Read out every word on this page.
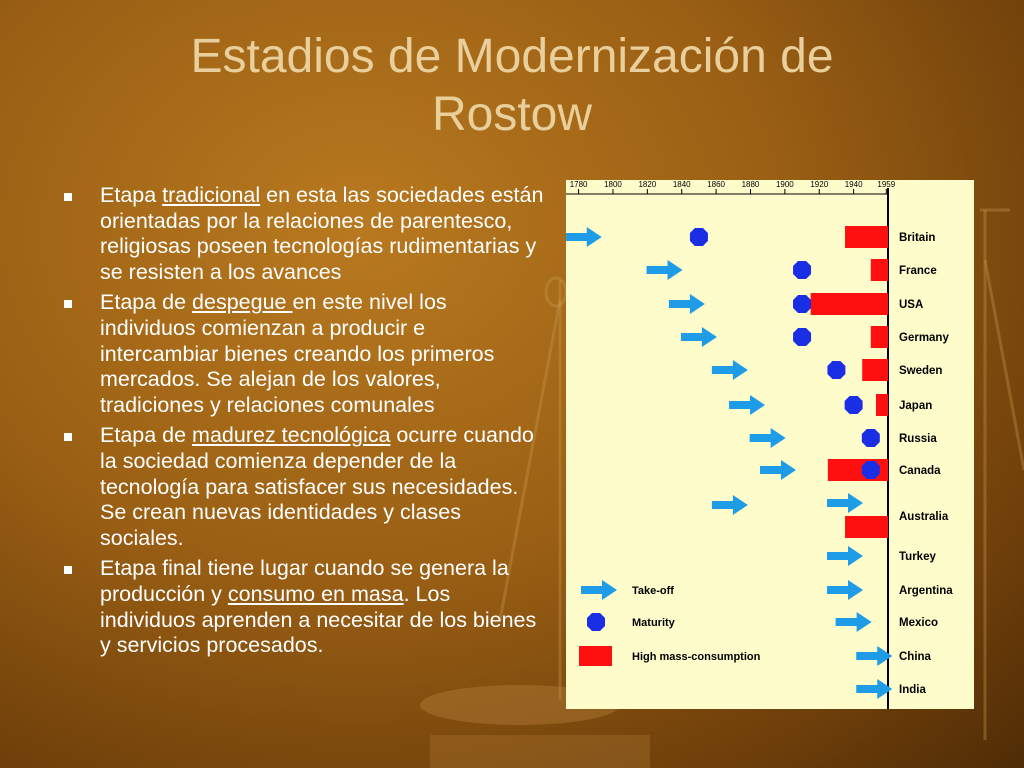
Estadios de Modernización de
Rostow
Etapa tradicional en esta las sociedades están orientadas por la relaciones de parentesco, religiosas poseen tecnologías rudimentarias y se resisten a los avances
Etapa de despegue en este nivel los individuos comienzan a producir e intercambiar bienes creando los primeros mercados. Se alejan de los valores, tradiciones y relaciones comunales
Etapa de madurez tecnológica ocurre cuando la sociedad comienza depender de la tecnología para satisfacer sus necesidades. Se crean nuevas identidades y clases sociales.
Etapa final tiene lugar cuando se genera la producción y consumo en masa. Los individuos aprenden a necesitar de los bienes y servicios procesados.
1780 1800 1820 1840 1860 1880 1900 1920 1940 1959
Britain
France
USA
Germany
Sweden
Japan
Russia
Canada
Australia
Turkey
Argentina
Mexico
China
India
Take-off
Maturity
High mass-consumption
